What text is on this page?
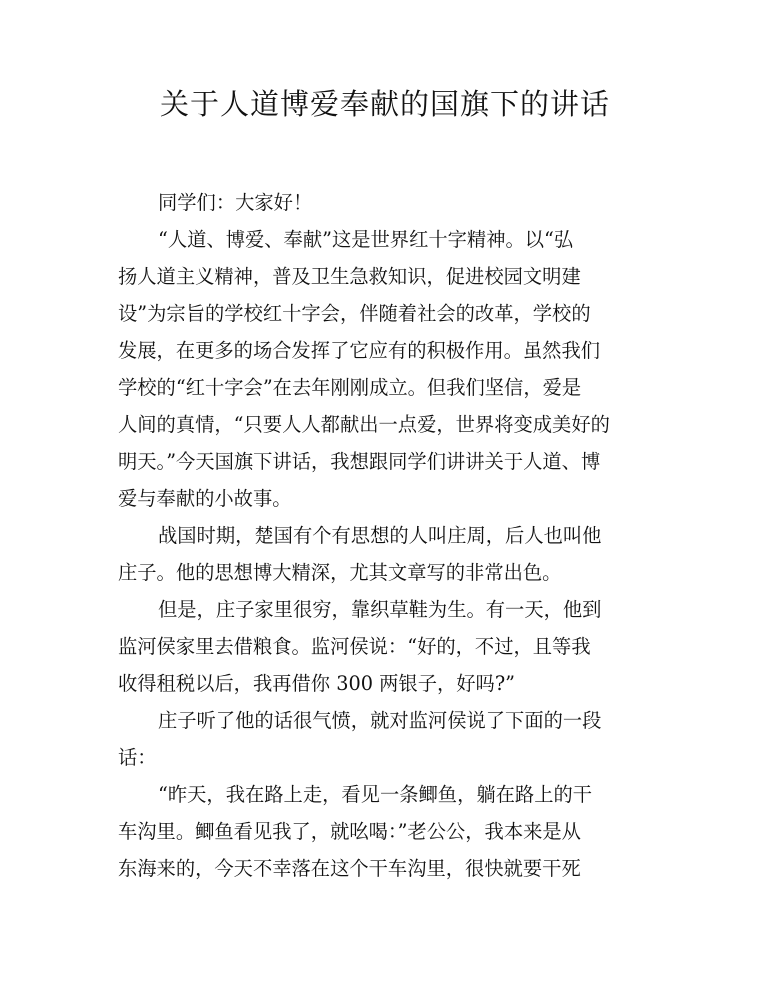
关于人道博爱奉献的国旗下的讲话
同学们：大家好！
“人道、博爱、奉献”这是世界红十字精神。以“弘
扬人道主义精神，普及卫生急救知识，促进校园文明建
设”为宗旨的学校红十字会，伴随着社会的改革，学校的
发展，在更多的场合发挥了它应有的积极作用。虽然我们
学校的“红十字会”在去年刚刚成立。但我们坚信，爱是
人间的真情，“只要人人都献出一点爱，世界将变成美好的
明天。”今天国旗下讲话，我想跟同学们讲讲关于人道、博
爱与奉献的小故事。
战国时期，楚国有个有思想的人叫庄周，后人也叫他
庄子。他的思想博大精深，尤其文章写的非常出色。
但是，庄子家里很穷，靠织草鞋为生。有一天，他到
监河侯家里去借粮食。监河侯说：“好的，不过，且等我
收得租税以后，我再借你 300 两银子，好吗?”
庄子听了他的话很气愤，就对监河侯说了下面的一段
话：
“昨天，我在路上走，看见一条鲫鱼，躺在路上的干
车沟里。鲫鱼看见我了，就吆喝：”老公公，我本来是从
东海来的，今天不幸落在这个干车沟里，很快就要干死
